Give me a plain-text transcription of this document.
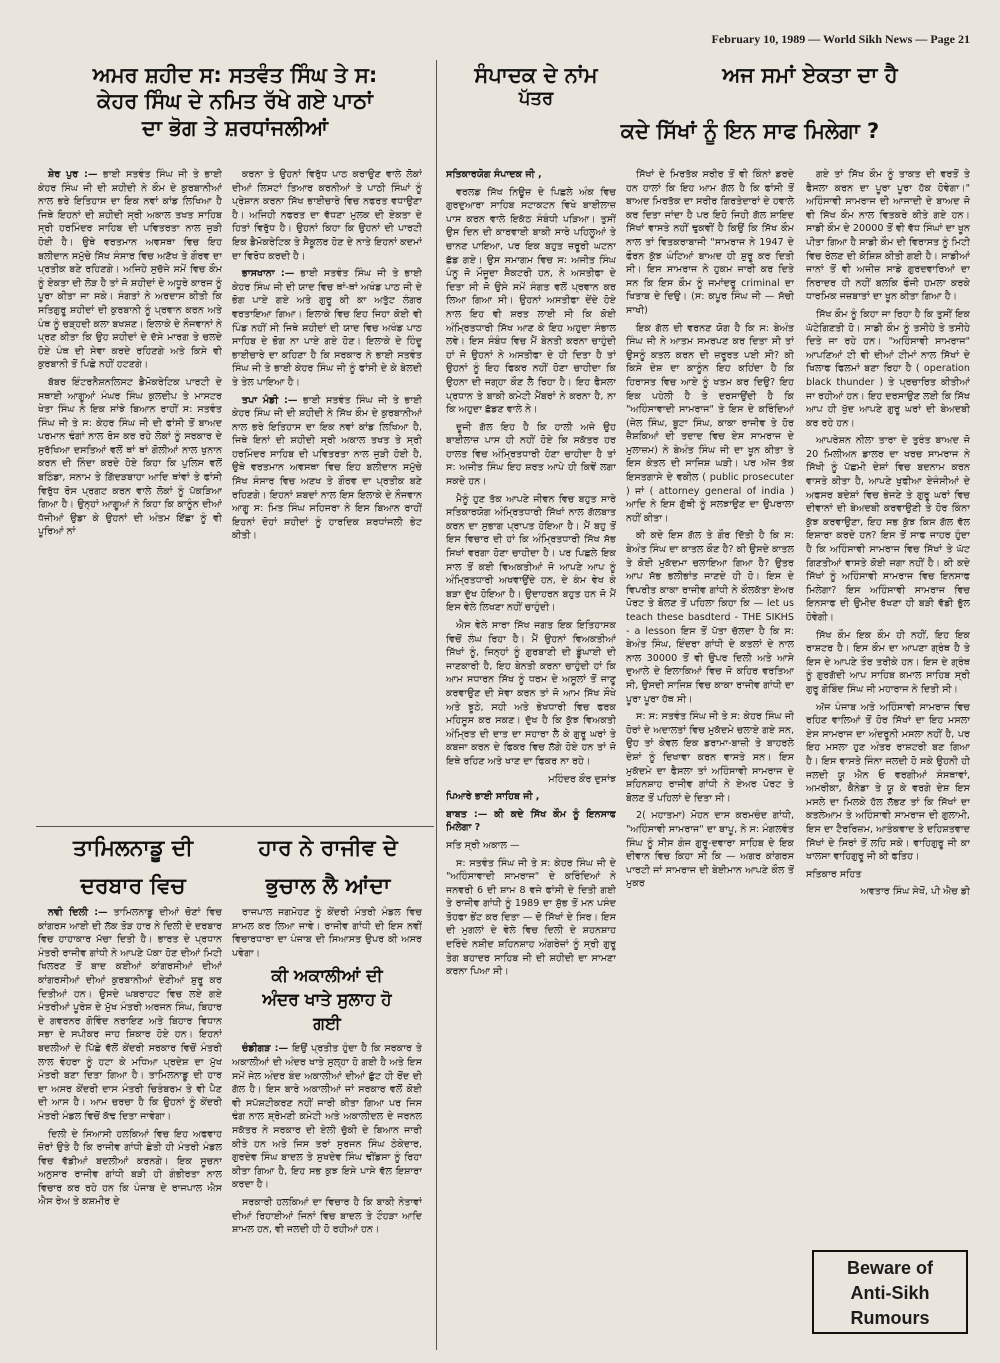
February 10, 1989 — World Sikh News — Page 21
ਅਮਰ ਸ਼ਹੀਦ ਸ: ਸਤਵੰਤ ਸਿੰਘ ਤੇ ਸ:
ਕੇਹਰ ਸਿੰਘ ਦੇ ਨਮਿਤ ਰੱਖੇ ਗਏ ਪਾਠਾਂ
ਦਾ ਭੋਗ ਤੇ ਸ਼ਰਧਾਂਜਲੀਆਂ
ਸੰਪਾਦਕ ਦੇ ਨਾਂਮ
ਪੱਤਰ
ਅਜ ਸਮਾਂ ਏਕਤਾ ਦਾ ਹੈ
ਕਦੇ ਸਿੱਖਾਂ ਨੂੰ ਇਨ ਸਾਫ ਮਿਲੇਗਾ ?

ਸ਼ੇਰ ਪੁਰ :— ਭਾਈ ਸਤਵੰਤ ਸਿੰਘ ਜੀ ਤੇ ਭਾਈ ਕੇਹਰ ਸਿੰਘ ਜੀ ਦੀ ਸ਼ਹੀਦੀ ਨੇ ਕੌਮ ਦੇ ਕੁਰਬਾਨੀਆਂ ਨਾਲ ਭਰੇ ਇਤਿਹਾਸ ਦਾ ਇਕ ਨਵਾਂ ਕਾਂਡ ਲਿਖਿਆ ਹੈ ਜਿਥੇ ਇਹਨਾਂ ਦੀ ਸ਼ਹੀਦੀ ਸ੍ਰੀ ਅਕਾਲ ਤਖਤ ਸਾਹਿਬ ਸ੍ਰੀ ਹਰਮਿੰਦਰ ਸਾਹਿਬ ਦੀ ਪਵਿਤਰਤਾ ਨਾਲ ਜੁੜੀ ਹੋਈ ਹੈ। ਉਥੇ ਵਰਤਮਾਨ ਅਵਸਥਾ ਵਿਚ ਇਹ ਬਲੀਦਾਨ ਸਮੁੱਚੇ ਸਿੱਖ ਸੰਸਾਰ ਵਿਚ ਅਣੱਖ ਤੇ ਗੌਰਵ ਦਾ ਪ੍ਰਤੀਕ ਬਣੇ ਰਹਿਣਗੇ। ਅਜਿਹੇ ਸੁਚੱਜੇ ਸਮੇਂ ਵਿਚ ਕੌਮ ਨੂੰ ਏਕਤਾ ਦੀ ਲੋੜ ਹੈ ਤਾਂ ਜੋ ਸ਼ਹੀਦਾਂ ਦੇ ਅਧੂਰੇ ਕਾਰਜ ਨੂੰ ਪੂਰਾ ਕੀਤਾ ਜਾ ਸਕੇ। ਸੰਗਤਾਂ ਨੇ ਅਰਦਾਸ ਕੀਤੀ ਕਿ ਸਤਿਗੁਰੂ ਸ਼ਹੀਦਾਂ ਦੀ ਕੁਰਬਾਨੀ ਨੂੰ ਪ੍ਰਵਾਨ ਕਰਨ ਅਤੇ ਪੰਥ ਨੂੰ ਚੜ੍ਹਦੀ ਕਲਾ ਬਖਸ਼ਣ। ਇਲਾਕੇ ਦੇ ਨੌਜਵਾਨਾਂ ਨੇ ਪ੍ਰਣ ਕੀਤਾ ਕਿ ਉਹ ਸ਼ਹੀਦਾਂ ਦੇ ਦੱਸੇ ਮਾਰਗ ਤੇ ਚਲਦੇ ਹੋਏ ਪੰਥ ਦੀ ਸੇਵਾ ਕਰਦੇ ਰਹਿਣਗੇ ਅਤੇ ਕਿਸੇ ਵੀ ਕੁਰਬਾਨੀ ਤੋਂ ਪਿਛੇ ਨਹੀਂ ਹਟਣਗੇ।

ਬੱਬਰ ਇੰਟਰਨੈਸ਼ਨਲਿਸਟ ਡੈਮੋਕਰੇਟਿਕ ਪਾਰਟੀ ਦੇ ਸਥਾਈ ਆਗੂਆਂ ਮੰਘਰ ਸਿੰਘ ਕੁਲਦੀਪ ਤੇ ਮਾਸਟਰ ਖੇਤਾ ਸਿੰਘ ਨੇ ਇਕ ਸਾਂਝੇ ਬਿਆਨ ਰਾਹੀਂ ਸ: ਸਤਵੰਤ ਸਿੰਘ ਜੀ ਤੇ ਸ: ਕੇਹਰ ਸਿੰਘ ਜੀ ਦੀ ਫਾਂਸੀ ਤੋਂ ਬਾਅਦ ਪਰਮਾਨ ਢੰਗਾਂ ਨਾਲ ਰੋਸ ਕਰ ਰਹੇ ਲੋਕਾਂ ਨੂੰ ਸਰਕਾਰ ਦੇ ਸੁਰੱਖਿਆ ਦਸਤਿਆਂ ਵਲੋਂ ਥਾਂ ਥਾਂ ਗੋਲੀਆਂ ਨਾਲ ਖੁਨਾਨ ਕਰਨ ਦੀ ਨਿੰਦਾ ਕਰਦੇ ਹੋਏ ਕਿਹਾ ਕਿ ਪੁਲਿਸ ਵਲੋਂ ਬਠਿੰਡਾ, ਸਨਾਮ ਤੇ ਗਿੱਦੜਬਾਹਾ ਆਦਿ ਥਾਂਵਾਂ ਤੇ ਫਾਂਸੀ ਵਿਰੁੱਧ ਰੋਸ ਪ੍ਰਗਟ ਕਰਨ ਵਾਲੇ ਲੋਕਾਂ ਨੂੰ ਪੱਕੜਿਆ ਗਿਆ ਹੈ। ਉਨ੍ਹਾਂ ਆਗੂਆਂ ਨੇ ਕਿਹਾ ਕਿ ਕਾਨੂੰਨ ਦੀਆਂ ਧੱਜੀਆਂ ਉਡਾ ਕੇ ਉਹਨਾਂ ਦੀ ਅੰਤਮ ਇੱਛਾ ਨੂੰ ਵੀ ਪੂਰਿਆਂ ਨਾਂ

ਕਰਨਾ ਤੇ ਉਹਨਾਂ ਵਿਰੁੱਧ ਪਾਠ ਕਰਾਉਣ ਵਾਲੇ ਲੋਕਾਂ ਦੀਆਂ ਲਿਸਟਾਂ ਤਿਆਰ ਕਰਨੀਆਂ ਤੇ ਪਾਠੀ ਸਿੰਘਾਂ ਨੂੰ ਪ੍ਰੇਸ਼ਾਨ ਕਰਨਾ ਸਿੱਖ ਭਾਈਚਾਰੇ ਵਿਚ ਨਫਰਤ ਵਧਾਉਣਾ ਹੈ। ਅਜਿਹੀ ਨਫਰਤ ਦਾ ਵੱਧਣਾ ਮੁਲਕ ਦੀ ਏਕਤਾ ਦੇ ਹਿਤਾਂ ਵਿਰੁੱਧ ਹੈ। ਉਹਨਾਂ ਕਿਹਾ ਕਿ ਉਹਨਾਂ ਦੀ ਪਾਰਟੀ ਇਕ ਡੈਮੋਕਰੇਟਿਕ ਤੇ ਸੈਕੂਲਰ ਹੋਣ ਦੇ ਨਾਤੇ ਇਹਨਾਂ ਕਦਮਾਂ ਦਾ ਵਿਰੋਧ ਕਰਦੀ ਹੈ।

ਭਾਸਖਾਨਾ :— ਭਾਈ ਸਤਵੰਤ ਸਿੰਘ ਜੀ ਤੇ ਭਾਈ ਕੇਹਰ ਸਿੰਘ ਜੀ ਦੀ ਯਾਦ ਵਿਚ ਥਾਂ-ਥਾਂ ਅਖੰਡ ਪਾਠ ਜੀ ਦੇ ਭੋਗ ਪਾਏ ਗਏ ਅਤੇ ਗੁਰੂ ਕੀ ਕਾ ਅਤੁੱਟ ਲੰਗਰ ਵਰਤਾਇਆ ਗਿਆ। ਇਲਾਕੇ ਵਿਚ ਇਹ ਜਿਹਾ ਕੋਈ ਵੀ ਪਿੰਡ ਨਹੀਂ ਸੀ ਜਿਥੇ ਸ਼ਹੀਦਾਂ ਦੀ ਯਾਦ ਵਿਚ ਅਖੰਡ ਪਾਠ ਸਾਹਿਬ ਦੇ ਭੋਗ ਨਾ ਪਾਏ ਗਏ ਹੋਣ। ਇਲਾਕੇ ਦੇ ਹਿੰਦੂ ਭਾਈਚਾਰੇ ਦਾ ਕਹਿਣਾ ਹੈ ਕਿ ਸਰਕਾਰ ਨੇ ਭਾਈ ਸਤਵੰਤ ਸਿੰਘ ਜੀ ਤੇ ਭਾਈ ਕੇਹਰ ਸਿੰਘ ਜੀ ਨੂੰ ਫਾਂਸੀ ਦੇ ਕੇ ਬੇਲਦੀ ਤੇ ਤੇਲ ਪਾਇਆ ਹੈ।

ਤਪਾ ਮੰਡੀ :— ਭਾਈ ਸਤਵੰਤ ਸਿੰਘ ਜੀ ਤੇ ਭਾਈ ਕੇਹਰ ਸਿੰਘ ਜੀ ਦੀ ਸ਼ਹੀਦੀ ਨੇ ਸਿੱਖ ਕੌਮ ਦੇ ਕੁਰਬਾਨੀਆਂ ਨਾਲ ਭਰੇ ਇਤਿਹਾਸ ਦਾ ਇਕ ਨਵਾਂ ਕਾਂਡ ਲਿਖਿਆ ਹੈ, ਜਿਥੇ ਇਨਾਂ ਦੀ ਸ਼ਹੀਦੀ ਸ੍ਰੀ ਅਕਾਲ ਤਖਤ ਤੇ ਸ੍ਰੀ ਹਰਮਿੰਦਰ ਸਾਹਿਬ ਦੀ ਪਵਿਤਰਤਾ ਨਾਲ ਜੁੜੀ ਹੋਈ ਹੈ, ਉਥੇ ਵਰਤਮਾਨ ਅਵਸਥਾ ਵਿਚ ਇਹ ਬਲੀਦਾਨ ਸਮੁੱਚੇ ਸਿੱਖ ਸੰਸਾਰ ਵਿਚ ਅਣਖ ਤੇ ਗੌਰਵ ਦਾ ਪ੍ਰਤੀਕ ਬਣੇ ਰਹਿਣਗੇ। ਇਹਨਾਂ ਸ਼ਬਦਾਂ ਨਾਲ ਇਸ ਇਲਾਕੇ ਦੇ ਨੌਜਵਾਨ ਆਗੂ ਸ: ਮਿਤ ਸਿੰਘ ਸਹਿਜਰਾ ਨੇ ਇਸ ਬਿਆਨ ਰਾਹੀਂ ਇਹਨਾਂ ਦੋਹਾਂ ਸ਼ਹੀਦਾਂ ਨੂੰ ਹਾਰਦਿਕ ਸ਼ਰਧਾਂਜਲੀ ਭੇਟ ਕੀਤੀ।

ਤਾਮਿਲਨਾਡੂ ਦੀ
ਦਰਬਾਰ ਵਿਚ
ਹਾਰ ਨੇ ਰਾਜੀਵ ਦੇ
ਭੁਚਾਲ ਲੈ ਆਂਦਾ

ਨਵੀ ਦਿਲੀ :— ਤਾਮਿਲਨਾਡੂ ਦੀਆਂ ਚੋਣਾਂ ਵਿਚ ਕਾਂਗਰਸ ਆਈ ਦੀ ਲੱਕ ਤੋੜ ਹਾਰ ਨੇ ਦਿਲੀ ਦੇ ਦਰਬਾਰ ਵਿਚ ਹਾਹਾਕਾਰ ਮੱਚਾ ਦਿਤੀ ਹੈ। ਭਾਰਤ ਦੇ ਪ੍ਰਧਾਨ ਮੰਤਰੀ ਰਾਜੀਵ ਗਾਂਧੀ ਨੇ ਆਪਣੇ ਪੱਕਾ ਹੋਣ ਦੀਆਂ ਮਿਟੀ ਖਿਲਰਣ ਤੋਂ ਬਾਦ ਕਈਆਂ ਕਾਂਗਰਸੀਆਂ ਦੀਆਂ ਕਾਂਗਰਸੀਆਂ ਦੀਆਂ ਕੁਰਬਾਨੀਆਂ ਦੇਣੀਆਂ ਸ਼ੁਰੂ ਕਰ ਦਿਤੀਆਂ ਹਨ। ਉਸਦੇ ਘਬਰਾਹਟ ਵਿਚ ਲਏ ਗਏ ਮੰਤਰੀਆਂ ਪੂਰੇਸ਼ ਦੇ ਮੁੱਖ ਮੰਤਰੀ ਅਰਜਨ ਸਿੰਘ, ਬਿਹਾਰ ਦੇ ਗਵਰਨਰ ਗੋਵਿੰਦ ਨਰਾਇਣ ਅਤੇ ਬਿਹਾਰ ਵਿਧਾਨ ਸਭਾ ਦੇ ਸਪੀਕਰ ਜਾਹ ਸ਼ਿਕਾਰ ਹੋਏ ਹਨ। ਇਹਨਾਂ ਬਦਲੀਆਂ ਦੇ ਪਿੱਛੇ ਵੱਲੋਂ ਕੇਂਦਰੀ ਸਰਕਾਰ ਵਿਚੋਂ ਮੰਤਰੀ ਲਾਲ ਵੋਹਰਾ ਨੂੰ ਹਟਾ ਕੇ ਮਧਿਆ ਪ੍ਰਦੇਸ਼ ਦਾ ਮੁੱਖ ਮੰਤਰੀ ਬਣਾ ਦਿਤਾ ਗਿਆ ਹੈ। ਤਾਮਿਲਨਾਡੂ ਦੀ ਹਾਰ ਦਾ ਅਸਰ ਕੇਂਦਰੀ ਦਾਸ ਮੰਤਰੀ ਚਿਤੰਬਰਮ ਤੇ ਵੀ ਪੈਣ ਦੀ ਆਸ ਹੈ। ਆਮ ਚਰਚਾ ਹੈ ਕਿ ਉਹਨਾਂ ਨੂੰ ਕੇਂਦਰੀ ਮੰਤਰੀ ਮੰਡਲ ਵਿਚੋਂ ਕੱਢ ਦਿਤਾ ਜਾਵੇਗਾ।

ਦਿਲੀ ਦੇ ਸਿਆਸੀ ਹਲਕਿਆਂ ਵਿਚ ਇਹ ਅਫਵਾਹ ਜ਼ੋਰਾਂ ਉਤੇ ਹੈ ਕਿ ਰਾਜੀਵ ਗਾਂਧੀ ਛੇਤੀ ਹੀ ਮੰਤਰੀ ਮੰਡਲ ਵਿਚ ਵੱਡੀਆਂ ਬਦਲੀਆਂ ਕਰਨਗੇ। ਇਕ ਸੂਚਨਾ ਅਨੁਸਾਰ ਰਾਜੀਵ ਗਾਂਧੀ ਬੜੀ ਹੀ ਗੰਭੀਰਤਾ ਨਾਲ ਵਿਚਾਰ ਕਰ ਰਹੇ ਹਨ ਕਿ ਪੰਜਾਬ ਦੇ ਰਾਜਪਾਲ ਐਸ ਐਸ ਰੇਅ ਤੇ ਕਸ਼ਮੀਰ ਦੇ

ਰਾਜਪਾਲ ਜਗਮੋਹਣ ਨੂੰ ਕੇਂਦਰੀ ਮੰਤਰੀ ਮੰਡਲ ਵਿਚ ਸ਼ਾਮਲ ਕਰ ਲਿਆ ਜਾਵੇ। ਰਾਜੀਵ ਗਾਂਧੀ ਦੀ ਇਸ ਨਵੀਂ ਵਿਚਾਰਧਾਰਾ ਦਾ ਪੰਜਾਬ ਦੀ ਸਿਆਸਤ ਉਪਰ ਕੀ ਅਸਰ ਪਵੇਗਾ।

ਕੀ ਅਕਾਲੀਆਂ ਦੀ
ਅੰਦਰ ਖਾਤੇ ਸੁਲਾਹ ਹੋ
ਗਈ

ਚੰਡੀਗੜ :— ਇਉਂ ਪ੍ਰਤੀਤ ਹੁੰਦਾ ਹੈ ਕਿ ਸਰਕਾਰ ਤੇ ਅਕਾਲੀਆਂ ਦੀ ਅੰਦਰ ਖਾਤੇ ਸੁਲ੍ਹਾ ਹੋ ਗਈ ਹੈ ਅਤੇ ਇਸ ਸਮੇਂ ਜੇਲ ਅੰਦਰ ਬੰਦ ਅਕਾਲੀਆਂ ਦੀਆਂ ਛੁੱਟ ਹੀ ਰੋਂਦ ਦੀ ਗੱਲ ਹੈ। ਇਸ ਬਾਰੇ ਅਕਾਲੀਆਂ ਜਾਂ ਸਰਕਾਰ ਵਲੋਂ ਕੋਈ ਵੀ ਸਪੱਸ਼ਟੀਕਰਣ ਨਹੀਂ ਜਾਰੀ ਕੀਤਾ ਗਿਆ ਪਰ ਜਿਸ ਢੰਗ ਨਾਲ ਸ਼੍ਰੋਮਣੀ ਕਮੇਟੀ ਅਤੇ ਅਕਾਲੀਦਲ ਦੇ ਜਰਨਲ ਸਕੱਤਰ ਨੇ ਸਰਕਾਰ ਦੀ ਏਲੀ ਚੁੱਕੀ ਦੇ ਬਿਆਨ ਜਾਰੀ ਕੀਤੇ ਹਨ ਅਤੇ ਜਿਸ ਤਰਾਂ ਸੁਰਜਨ ਸਿੰਘ ਠੇਕੇਦਾਰ, ਗੁਰਦੇਵ ਸਿੰਘ ਬਾਦਲ ਤੇ ਸੁਖਦੇਵ ਸਿੰਘ ਢੀਂਡਸਾ ਨੂੰ ਰਿਹਾ ਕੀਤਾ ਗਿਆ ਹੈ, ਇਹ ਸਭ ਕੁਝ ਇਸੇ ਪਾਸੇ ਵੱਲ ਇਸ਼ਾਰਾ ਕਰਦਾ ਹੈ।

ਸਰਕਾਰੀ ਹਲਕਿਆਂ ਦਾ ਵਿਚਾਰ ਹੈ ਕਿ ਬਾਕੀ ਨੇਤਾਵਾਂ ਦੀਆਂ ਰਿਹਾਈਆਂ ਜਿਨਾਂ ਵਿਚ ਬਾਦਲ ਤੇ ਟੌਹੜਾ ਆਦਿ ਸ਼ਾਮਲ ਹਨ, ਵੀ ਜਲਦੀ ਹੀ ਹੋ ਰਹੀਆਂ ਹਨ।

ਸਤਿਕਾਰਯੋਗ ਸੰਪਾਦਕ ਜੀ ,

ਵਰਲਡ ਸਿੱਖ ਨਿਊਜ਼ ਦੇ ਪਿਛਲੇ ਅੰਕ ਵਿਚ ਗੁਰਦੁਆਰਾ ਸਾਹਿਬ ਸਟਾਕਟਨ ਵਿਖੇ ਬਾਈਲਾਜ਼ ਪਾਸ ਕਰਨ ਵਾਲੇ ਇਕੱਠ ਸੰਬੰਧੀ ਪੜਿਆ। ਤੁਸੀਂ ਉਸ ਦਿਨ ਦੀ ਕਾਰਵਾਈ ਬਾਕੀ ਸਾਰੇ ਪਹਿਲੂਆਂ ਤੇ ਚਾਨਣ ਪਾਇਆ, ਪਰ ਇਕ ਬਹੁਤ ਜ਼ਰੂਰੀ ਘਟਨਾ ਛੱਡ ਗਏ। ਉਸ ਸਮਾਗਮ ਵਿਚ ਸ: ਅਜੀਤ ਸਿੰਘ ਪੰਨੂ ਜੋ ਮੌਜੂਦਾ ਸੈਕਟਰੀ ਹਨ, ਨੇ ਅਸਤੀਫਾ ਦੇ ਦਿਤਾ ਸੀ ਜੋ ਉਸੇ ਸਮੇਂ ਸੰਗਤ ਵਲੋਂ ਪ੍ਰਵਾਨ ਕਰ ਲਿਆ ਗਿਆ ਸੀ। ਉਹਨਾਂ ਅਸਤੀਫਾ ਦੇਂਦੇ ਹੋਏ ਨਾਲ ਇਹ ਵੀ ਸ਼ਰਤ ਲਾਈ ਸੀ ਕਿ ਕੋਈ ਅੰਮ੍ਰਿਤਧਾਰੀ ਸਿੱਖ ਆਣ ਕੇ ਇਹ ਅਹੁਦਾ ਸੰਭਾਲ ਲਵੇ। ਇਸ ਸੰਬੰਧ ਵਿਚ ਮੈਂ ਬੇਨਤੀ ਕਰਨਾ ਚਾਹੁੰਦੀ ਹਾਂ ਜੋ ਉਹਨਾਂ ਨੇ ਅਸਤੀਫਾ ਦੇ ਹੀ ਦਿਤਾ ਹੈ ਤਾਂ ਉਹਨਾਂ ਨੂੰ ਇਹ ਫਿਕਰ ਨਹੀਂ ਹੋਣਾ ਚਾਹੀਦਾ ਕਿ ਉਹਨਾ ਦੀ ਜਗ੍ਹਾ ਕੌਣ ਲੈ ਰਿਹਾ ਹੈ। ਇਹ ਫੈਸਲਾ ਪ੍ਰਧਾਨ ਤੇ ਬਾਕੀ ਕਮੇਟੀ ਮੈਂਬਰਾਂ ਨੇ ਕਰਨਾ ਹੈ, ਨਾ ਕਿ ਅਹੁਦਾ ਛੱਡਣ ਵਾਲੇ ਨੇ।

ਦੂਜੀ ਗੱਲ ਇਹ ਹੈ ਕਿ ਹਾਲੀ ਅਜੇ ਉਹ ਬਾਈਲਾਜ਼ ਪਾਸ ਹੀ ਨਹੀਂ ਹੋਏ ਕਿ ਸਕੱਤਰ ਹਰ ਹਾਲਤ ਵਿਚ ਅੰਮ੍ਰਿਤਧਾਰੀ ਹੋਣਾ ਚਾਹੀਦਾ ਹੈ ਤਾਂ ਸ: ਅਜੀਤ ਸਿੰਘ ਇਹ ਸ਼ਰਤ ਆਪੇ ਹੀ ਕਿਵੇਂ ਲਗਾ ਸਕਦੇ ਹਨ।

ਮੈਨੂੰ ਹੁਣ ਤੱਕ ਆਪਣੇ ਜੀਵਨ ਵਿਚ ਬਹੁਤ ਸਾਰੇ ਸਤਿਕਾਰਯੋਗ ਅੰਮ੍ਰਿਤਧਾਰੀ ਸਿੱਖਾਂ ਨਾਲ ਗੱਲਬਾਤ ਕਰਨ ਦਾ ਸੁਭਾਗ ਪ੍ਰਾਪਤ ਹੋਇਆ ਹੈ। ਮੈਂ ਬਹੁ ਤੋਂ ਇਸ ਵਿਚਾਰ ਦੀ ਹਾਂ ਕਿ ਅੰਮ੍ਰਿਤਧਾਰੀ ਸਿੱਖ ਸੱਭ ਸਿਖਾਂ ਵਰਗਾ ਹੋਣਾ ਚਾਹੀਦਾ ਹੈ। ਪਰ ਪਿਛਲੇ ਇਕ ਸਾਲ ਤੋਂ ਕਈ ਵਿਅਕਤੀਆਂ ਜੋ ਆਪਣੇ ਆਪ ਨੂੰ ਅੰਮ੍ਰਿਤਧਾਰੀ ਅਖਵਾਉਂਦੇ ਹਨ, ਦੇ ਕੰਮ ਵੇਖ ਕੇ ਬੜਾ ਦੁੱਖ ਹੋਇਆ ਹੈ। ਉਦਾਹਰਨ ਬਹੁਤ ਹਨ ਜੋ ਮੈਂ ਇਸ ਵੇਲੇ ਲਿਖਣਾ ਨਹੀਂ ਚਾਹੁੰਦੀ।

ਐਸ ਵੇਲੇ ਸਾਰਾ ਸਿੱਖ ਜਗਤ ਇਕ ਇਤਿਹਾਸਕ ਵਿਚੋਂ ਲੰਘ ਰਿਹਾ ਹੈ। ਮੈਂ ਉਹਨਾਂ ਵਿਅਕਤੀਆਂ ਸਿੱਖਾਂ ਨੂੰ, ਜਿਨ੍ਹਾਂ ਨੂੰ ਗੁਰਬਾਣੀ ਦੀ ਡੂੰਘਾਈ ਦੀ ਜਾਣਕਾਰੀ ਹੈ, ਇਹ ਬੇਨਤੀ ਕਰਨਾ ਚਾਹੁੰਦੀ ਹਾਂ ਕਿ ਆਮ ਸਧਾਰਨ ਸਿੱਖ ਨੂੰ ਧਰਮ ਦੇ ਅਸੂਲਾਂ ਤੋਂ ਜਾਣੂ ਕਰਵਾਉਣ ਦੀ ਸੇਵਾ ਕਰਨ ਤਾਂ ਜੋ ਆਮ ਸਿੱਖ ਸੌਖੇ ਅਤੇ ਝੂਠੇ, ਸਹੀ ਅਤੇ ਭੇਖਧਾਰੀ ਵਿਚ ਫਰਕ ਮਹਿਸੂਸ ਕਰ ਸਕਣ। ਦੁੱਖ ਹੈ ਕਿ ਕੁੱਝ ਵਿਅਕਤੀ ਅੰਮ੍ਰਿਤ ਦੀ ਦਾਤ ਦਾ ਸਹਾਰਾ ਲੈ ਕੇ ਗੁਰੂ ਘਰਾਂ ਤੇ ਕਬਜਾ ਕਰਨ ਦੇ ਫਿਕਰ ਵਿਚ ਲੱਗੇ ਹੋਏ ਹਨ ਤਾਂ ਜੋ ਇਥੇ ਰਹਿਣ ਅਤੇ ਖਾਣ ਦਾ ਫਿਕਰ ਨਾ ਰਹੇ।

ਮਹਿੰਦਰ ਕੌਰ ਦੁਸਾਂਝ

ਪਿਆਰੇ ਭਾਈ ਸਾਹਿਬ ਜੀ ,

ਬਾਬਤ :— ਕੀ ਕਦੇ ਸਿੱਖ ਕੌਮ ਨੂੰ ਇਨਸਾਫ ਮਿਲੇਗਾ ?

ਸਤਿ ਸ੍ਰੀ ਅਕਾਲ —

ਸ: ਸਤਵੰਤ ਸਿੰਘ ਜੀ ਤੇ ਸ: ਕੇਹਰ ਸਿੰਘ ਜੀ ਦੇ "ਅਹਿੰਸਾਵਾਦੀ ਸਾਮਰਾਜ" ਦੇ ਕਰਿੰਦਿਆਂ ਨੇ ਜਨਵਰੀ 6 ਦੀ ਸ਼ਾਮ 8 ਵਜੇ ਫਾਂਸੀ ਦੇ ਦਿਤੀ ਗਈ ਤੇ ਰਾਜੀਵ ਗਾਂਧੀ ਨੂੰ 1989 ਦਾ ਸ਼ੁੱਭ ਤੋਂ ਮਨ ਪਸੰਦ ਤੋਹਫਾ ਭੇਂਟ ਕਰ ਦਿਤਾ — ਦੋ ਸਿੱਖਾਂ ਦੇ ਸਿਰ। ਇਸ ਦੀ ਮੁਗਲਾਂ ਦੇ ਵੇਲੇ ਵਿਚ ਦਿਲੀ ਦੇ ਸ਼ਹਨਸ਼ਾਹ ਦਰਿੰਦੇ ਨਸ਼ੀਦ ਸ਼ਹਿਨਸ਼ਾਹ ਅੰਗਰੇਜ਼ਾਂ ਨੂੰ ਸ੍ਰੀ ਗੁਰੂ ਤੇਗ ਬਹਾਦਰ ਸਾਹਿਬ ਜੀ ਦੀ ਸ਼ਹੀਦੀ ਦਾ ਸਾਮਣਾ ਕਰਨਾ ਪਿਆ ਸੀ।

ਸਿੱਖਾਂ ਦੇ ਮਿਰਤੱਕ ਸਰੀਰ ਤੋਂ ਵੀ ਕਿੰਨਾਂ ਡਰਦੇ ਹਨ ਹਾਲਾਂ ਕਿ ਇਹ ਆਮ ਗੱਲ ਹੈ ਕਿ ਫਾਂਸੀ ਤੋਂ ਬਾਅਦ ਮਿਰਤੱਕ ਦਾ ਸਰੀਰ ਗਿਰਤੇਦਾਰਾਂ ਦੇ ਹਵਾਲੇ ਕਰ ਦਿਤਾ ਜਾਂਦਾ ਹੈ ਪਰ ਇਹੋ ਜਿਹੀ ਗੱਲ ਸ਼ਾਇਦ ਸਿੱਖਾਂ ਵਾਸਤੇ ਨਹੀਂ ਢੁਕਵੀਂ ਹੈ ਕਿਉਂ ਕਿ ਸਿੱਖ ਕੌਮ ਨਾਲ ਤਾਂ ਵਿਤਕਰਾਬਾਜੀ "ਸਾਮਰਾਜ ਨੇ 1947 ਦੇ ਫੌਰਨ ਕੁੱਝ ਘੰਟਿਆਂ ਬਾਅਦ ਹੀ ਸ਼ੁਰੂ ਕਰ ਦਿਤੀ ਸੀ। ਇਸ ਸਾਮਰਾਜ ਨੇ ਹੁਕਮ ਜਾਰੀ ਕਰ ਦਿਤੇ ਸਨ ਕਿ ਇਸ ਕੌਮ ਨੂੰ ਜਮਾਂਦਰੂ criminal ਦਾ ਖਿਤਾਬ ਦੇ ਦਿਉ। (ਸ: ਕਪੂਰ ਸਿੰਘ ਜੀ — ਸੱਚੀ ਸਾਖੀ)

ਇਕ ਗੱਲ ਦੀ ਵਰਨਣ ਯੋਗ ਹੈ ਕਿ ਸ: ਬੇਅੰਤ ਸਿੰਘ ਜੀ ਨੇ ਆਤਮ ਸਮਰਪਣ ਕਰ ਦਿਤਾ ਸੀ ਤਾਂ ਉਸਨੂੰ ਕਤਲ ਕਰਨ ਦੀ ਜ਼ਰੂਰਤ ਪਈ ਸੀ? ਕੀ ਕਿਸੇ ਦੇਸ਼ ਦਾ ਕਾਨੂੰਨ ਇਹ ਕਹਿਂਦਾ ਹੈ ਕਿ ਹਿਰਾਸਤ ਵਿਚ ਆਏ ਨੂੰ ਖਤਮ ਕਰ ਦਿਉ? ਇਹ ਇਕ ਪਹੇਲੀ ਹੈ ਤੇ ਦਰਸਾਉਂਦੀ ਹੈ ਕਿ "ਅਹਿੰਸਾਵਾਦੀ ਸਾਮਰਾਜ" ਤੇ ਇਸ ਦੇ ਕਰਿੰਦਿਆਂ (ਜੇਲ ਸਿੰਘ, ਬੂਟਾ ਸਿੰਘ, ਕਾਕਾ ਰਾਜੀਵ ਤੇ ਹੋਰ ਜ਼ੈਸ਼ਕਿਆਂ ਦੀ ਤਦਾਦ ਵਿਚ ਏਸ ਸਾਮਰਾਜ ਦੇ ਮੁਲਾਜ਼ਮ) ਨੇ ਬੇਅੰਤ ਸਿੰਘ ਜੀ ਦਾ ਖੂਨ ਕੀਤਾ ਤੇ ਇਸ ਕੇਤਲ ਦੀ ਸਾਜਿਸ਼ ਘੜੀ। ਪਰ ਅੱਜ ਤੱਕ ਇਸਤਗਾਸੇ ਦੇ ਵਕੀਲ ( public prosecuter ) ਜਾਂ ( attorney general of india ) ਆਦਿ ਨੇ ਇਸ ਗੁੱਥੀ ਨੂੰ ਸਲਝਾਉਣ ਦਾ ਉਪਰਾਲਾ ਨਹੀਂ ਕੀਤਾ।

ਕੀ ਕਦੇ ਇਸ ਗੱਲ ਤੇ ਗੌਰ ਦਿੱਤੀ ਹੈ ਕਿ ਸ: ਬੇਅੰਤ ਸਿੰਘ ਦਾ ਕਾਤਲ ਕੌਣ ਹੈ? ਕੀ ਉਸਦੇ ਕਾਤਲ ਤੇ ਕੋਈ ਮੁਕੱਦਮਾ ਚਲਾਇਆ ਗਿਆ ਹੈ? ਉਤਰ ਆਪ ਸੱਭ ਭਲੀਭਾਂਤ ਜਾਣਦੇ ਹੀ ਹੋ। ਇਸ ਦੇ ਵਿਪਰੀਤ ਕਾਕਾ ਰਾਜੀਵ ਗਾਂਧੀ ਨੇ ਕੌਲਕੱਤਾ ਏਅਰ ਪੋਰਟ ਤੇ ਬੋਲਣ ਤੋਂ ਪਹਿਲਾ ਕਿਹਾ ਕਿ — let us teach these basdterd - THE SIKHS - a lesson ਇਸ ਤੋਂ ਪੱਤਾ ਚੱਲਦਾ ਹੈ ਕਿ ਸ: ਬੇਅੰਤ ਸਿੰਘ, ਇੰਦਰਾ ਗਾਂਧੀ ਦੇ ਕਤਲਾਂ ਦੇ ਨਾਲ ਨਾਲ 30000 ਤੋਂ ਵੀ ਉਪਰ ਦਿਲੀ ਅਤੇ ਆਸੇ ਦੁਆਲੇ ਦੇ ਇਲਾਕਿਆਂ ਵਿਚ ਜੋ ਕਹਿਰ ਵਰਤਿਆ ਸੀ, ਉਸਦੀ ਸਾਜਿਸ਼ ਵਿਚ ਕਾਕਾ ਰਾਜੀਵ ਗਾਂਧੀ ਦਾ ਪੂਰਾ ਪੂਰਾ ਹੱਥ ਸੀ।

ਸ: ਸ: ਸਤਵੰਤ ਸਿੰਘ ਜੀ ਤੇ ਸ: ਕੇਹਰ ਸਿੰਘ ਜੀ ਹੋਰਾਂ ਦੇ ਅਦਾਲਤਾਂ ਵਿਚ ਮੁਕੱਦਮੇ ਚਲਾਏ ਗਏ ਸਨ, ਉਹ ਤਾਂ ਕੇਵਲ ਇਕ ਡਰਾਮਾ-ਬਾਜ਼ੀ ਤੇ ਬਾਹਰਲੇ ਦੇਸ਼ਾਂ ਨੂੰ ਦਿਖਾਵਾ ਕਰਨ ਵਾਸਤੇ ਸਨ। ਇਸ ਮੁਕੱਦਮੇ ਦਾ ਫੈਸਲਾ ਤਾਂ ਅਹਿੰਸਾਵੀ ਸਾਮਰਾਜ ਦੇ ਸ਼ਹਿਨਸ਼ਾਹ ਰਾਜੀਵ ਗਾਂਧੀ ਨੇ ਏਅਰ ਪੋਰਟ ਤੇ ਬੋਲਣ ਤੋਂ ਪਹਿਲਾਂ ਦੇ ਦਿਤਾ ਸੀ।

2( ਮਹਾਤਮਾ) ਮੋਹਨ ਦਾਸ ਕਰਮਚੰਦ ਗਾਂਧੀ, "ਅਹਿੰਸਾਵੀ ਸਾਮਰਾਜ" ਦਾ ਬਾਪੂ, ਨੇ ਸ: ਮੰਗਲਵੰਤ ਸਿੰਘ ਨੂੰ ਸੀਸ ਗੰਜ ਗੁਰੂ-ਦਵਾਰਾ ਸਾਹਿਬ ਦੇ ਇਕ ਦੀਵਾਨ ਵਿਚ ਕਿਹਾ ਸੀ ਕਿ — ਅਗਰ ਕਾਂਗਰਸ ਪਾਰਟੀ ਜਾਂ ਸਾਮਰਾਜ ਦੀ ਬੇਈਮਾਨ ਆਪਣੇ ਕੌਲ ਤੋਂ ਮੁਕਰ

ਗਏ ਤਾਂ ਸਿੱਖ ਕੌਮ ਨੂੰ ਤਾਕਤ ਦੀ ਵਰਤੋਂ ਤੇ ਫੈਸਲਾ ਕਰਨ ਦਾ ਪੂਰਾ ਪੂਰਾ ਹੱਕ ਹੋਵੇਗਾ।" ਅਹਿੰਸਾਵੀ ਸਾਮਰਾਜ ਦੀ ਆਜਾਦੀ ਦੇ ਬਾਅਦ ਜੋ ਵੀ ਸਿੱਖ ਕੌਮ ਨਾਲ ਵਿਤਕਰੇ ਕੀਤੇ ਗਏ ਹਨ। ਸਾਡੀ ਕੌਮ ਦੇ 20000 ਤੋਂ ਵੀ ਵੱਧ ਸਿੰਘਾਂ ਦਾ ਖੂਨ ਪੀਤਾ ਗਿਆ ਹੈ ਸਾਡੀ ਕੌਮ ਦੀ ਵਿਰਾਸਤ ਨੂੰ ਮਿਟੀ ਵਿਚ ਰੋਲਣ ਦੀ ਕੋਸ਼ਿਸ਼ ਕੀਤੀ ਗਈ ਹੈ। ਸਾਡੀਆਂ ਜਾਨਾਂ ਤੋਂ ਵੀ ਅਜੀਜ਼ ਸਾਡੇ ਗੁਰਦਵਾਰਿਆਂ ਦਾ ਨਿਰਾਦਰ ਹੀ ਨਹੀਂ ਬਲਕਿ ਫੌਜੀ ਹਮਲਾ ਕਰਕੇ ਧਾਰਮਿਕ ਜਜ਼ਬਾਤਾਂ ਦਾ ਖੂਨ ਕੀਤਾ ਗਿਆ ਹੈ।

ਸਿੱਖ ਕੌਮ ਨੂੰ ਕਿਹਾ ਜਾ ਰਿਹਾ ਹੈ ਕਿ ਤੁਸੀਂ ਇਕ ਘੱਟੇਗਿਣਤੀ ਹੋ। ਸਾਡੀ ਕੌਮ ਨੂੰ ਤਸੀਹੇ ਤੇ ਤਸੀਹੇ ਦਿਤੇ ਜਾ ਰਹੇ ਹਨ। "ਅਹਿੰਸਾਵੀ ਸਾਮਰਾਜ" ਆਪਣਿਆਂ ਟੀ ਵੀ ਦੀਆਂ ਟੀਮਾਂ ਨਾਲ ਸਿੱਖਾਂ ਦੇ ਖਿਲਾਫ ਫਿਲਮਾਂ ਬਣਾ ਰਿਹਾ ਹੈ ( operation black thunder ) ਤੇ ਪ੍ਰਚਾਰਿਤ ਕੀਤੀਆਂ ਜਾ ਰਹੀਆਂ ਹਨ। ਇਹ ਦਰਸਾਉਣ ਲਈ ਕਿ ਸਿੱਖ ਆਪ ਹੀ ਖੁੱਦ ਆਪਣੇ ਗੁਰੂ ਘਰਾਂ ਦੀ ਬੇਅਦਬੀ ਕਰ ਰਹੇ ਹਨ।

ਆਪਰੇਸ਼ਨ ਨੀਲਾ ਤਾਰਾ ਦੇ ਤੁਰੰਤ ਬਾਅਦ ਜੋ 20 ਮਿਲੀਅਨ ਡਾਲਰ ਦਾ ਖਰਚ ਸਾਮਰਾਜ ਨੇ ਸਿੱਖੀ ਨੂੰ ਪੱਛਮੀ ਦੇਸ਼ਾਂ ਵਿਚ ਬਦਨਾਮ ਕਰਨ ਵਾਸਤੇ ਕੀਤਾ ਹੈ, ਆਪਣੇ ਖੁਫੀਆ ਏਜੰਸੀਆਂ ਦੇ ਅਫਸਰ ਬਦੇਸ਼ਾਂ ਵਿਚ ਭੇਜਣੇ ਤੇ ਗੁਰੂ ਘਰਾਂ ਵਿਚ ਦੀਵਾਨਾਂ ਦੀ ਬੇਅਦਬੀ ਕਰਵਾਉਣੀ ਤੇ ਹੋਰ ਕਿੰਨਾ ਕੁੱਝ ਕਰਵਾਉਣਾ, ਇਹ ਸਭ ਕੁੱਝ ਕਿਸ ਗੱਲ ਵੱਲ ਇਸ਼ਾਰਾ ਕਰਦੇ ਹਨ? ਇਸ ਤੋਂ ਸਾਫ ਜਾਹਰ ਹੁੰਦਾ ਹੈ ਕਿ ਅਹਿੰਸਾਵੀ ਸਾਮਰਾਜ ਵਿਚ ਸਿੱਖਾਂ ਤੇ ਘੱਟ ਗਿਣਤੀਆਂ ਵਾਸਤੇ ਕੋਈ ਜਗਾ ਨਹੀਂ ਹੈ। ਕੀ ਕਦੇ ਸਿੱਖਾਂ ਨੂੰ ਅਹਿੰਸਾਵੀ ਸਾਮਰਾਜ ਵਿਚ ਇਨਸਾਫ ਮਿਲੇਗਾ? ਇਸ ਅਹਿੰਸਾਵੀ ਸਾਮਰਾਜ ਵਿਚ ਇਨਸਾਫ ਦੀ ਉਮੀਦ ਰੱਖਣਾ ਹੀ ਬੜੀ ਵੱਡੀ ਭੁੱਲ ਹੋਵੇਗੀ।

ਸਿੱਖ ਕੌਮ ਇਕ ਕੌਮ ਹੀ ਨਹੀਂ, ਇਹ ਇਕ ਰਾਸ਼ਟਰ ਹੈ। ਇਸ ਕੌਮ ਦਾ ਆਪਣਾ ਗ੍ਰੰਥ ਹੈ ਤੇ ਇਸ ਦੇ ਆਪਣੇ ਤੌਰ ਤਰੀਕੇ ਹਨ। ਇਸ ਦੇ ਗ੍ਰੰਥ ਨੂੰ ਗੁਰਗੱਦੀ ਆਪ ਸਾਹਿਬ ਕਮਾਲ ਸਾਹਿਬ ਸ੍ਰੀ ਗੁਰੂ ਗੋਬਿੰਦ ਸਿੰਘ ਜੀ ਮਹਾਰਾਜ ਨੇ ਦਿਤੀ ਸੀ।

ਅੱਜ ਪੰਜਾਬ ਅਤੇ ਅਹਿੰਸਾਵੀ ਸਾਮਰਾਜ ਵਿਚ ਰਹਿਣ ਵਾਲਿਆਂ ਤੋਂ ਹੋਰ ਸਿੱਖਾਂ ਦਾ ਇਹ ਮਸਲਾ ਏਸ ਸਾਮਰਾਜ ਦਾ ਅੰਦਰੂਨੀ ਮਸਲਾ ਨਹੀਂ ਹੈ, ਪਰ ਇਹ ਮਸਲਾ ਹੁਣ ਅੰਤਰ ਰਾਸ਼ਟਰੀ ਬਣ ਗਿਆ ਹੈ। ਇਸ ਵਾਸਤੇ ਜਿੰਨਾ ਜਲਦੀ ਹੋ ਸਕੇ ਉਹਨੀ ਹੀ ਜਲਦੀ ਯੂ ਐਨ ਓ ਵਰਗੀਆਂ ਸੰਸਥਾਵਾਂ, ਅਮਰੀਕਾ, ਕੈਨੇਡਾ ਤੇ ਯੂ ਕੇ ਵਰਗੇ ਦੇਸ਼ ਇਸ ਮਸਲੇ ਦਾ ਮਿਲਕੇ ਹੱਲ ਲੱਭਣ ਤਾਂ ਕਿ ਸਿੱਖਾਂ ਦਾ ਕਤਲੇਆਮ ਤੇ ਅਹਿੰਸਾਵੀ ਸਾਮਰਾਜ ਦੀ ਗੁਲਾਮੀ, ਇਸ ਦਾ ਟੈਰਰਿਜ਼ਮ, ਆਤੰਕਵਾਦ ਤੇ ਦਹਿਸ਼ਤਵਾਦ ਸਿੱਖਾਂ ਦੇ ਸਿਰਾਂ ਤੋਂ ਲਹਿ ਸਕੇ। ਵਾਹਿਗੁਰੂ ਜੀ ਕਾ ਖਾਲਸਾ ਵਾਹਿਗੁਰੂ ਜੀ ਕੀ ਫਤਿਹ।

ਸਤਿਕਾਰ ਸਹਿਤ

ਅਵਤਾਰ ਸਿੰਘ ਸੇਖੋਂ, ਪੀ ਐਚ ਡੀ

Beware of
Anti-Sikh
Rumours
